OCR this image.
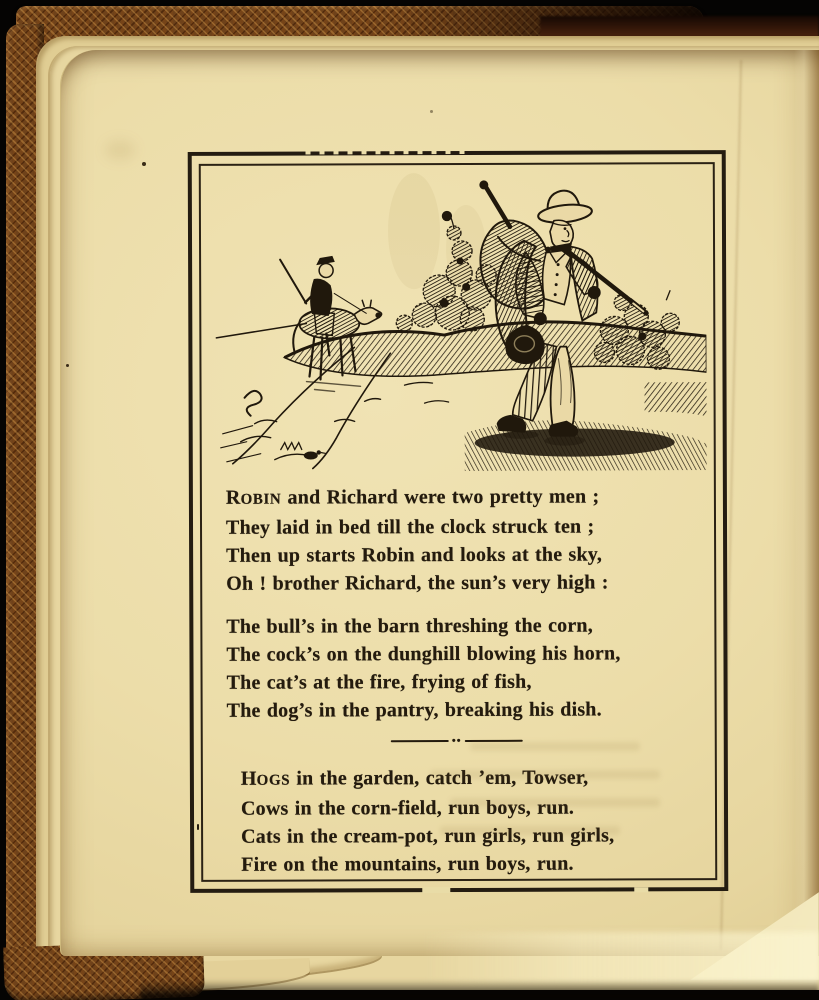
ROBIN and Richard were two pretty men ;

They laid in bed till the clock struck ten ;

Then up starts Robin and looks at the sky,

Oh ! brother Richard, the sun’s very high :

The bull’s in the barn threshing the corn,

The cock’s on the dunghill blowing his horn,

The cat’s at the fire, frying of fish,

The dog’s in the pantry, breaking his dish.

••

HOGS in the garden, catch ’em, Towser,

Cows in the corn-field, run boys, run.

Cats in the cream-pot, run girls, run girls,

Fire on the mountains, run boys, run.
